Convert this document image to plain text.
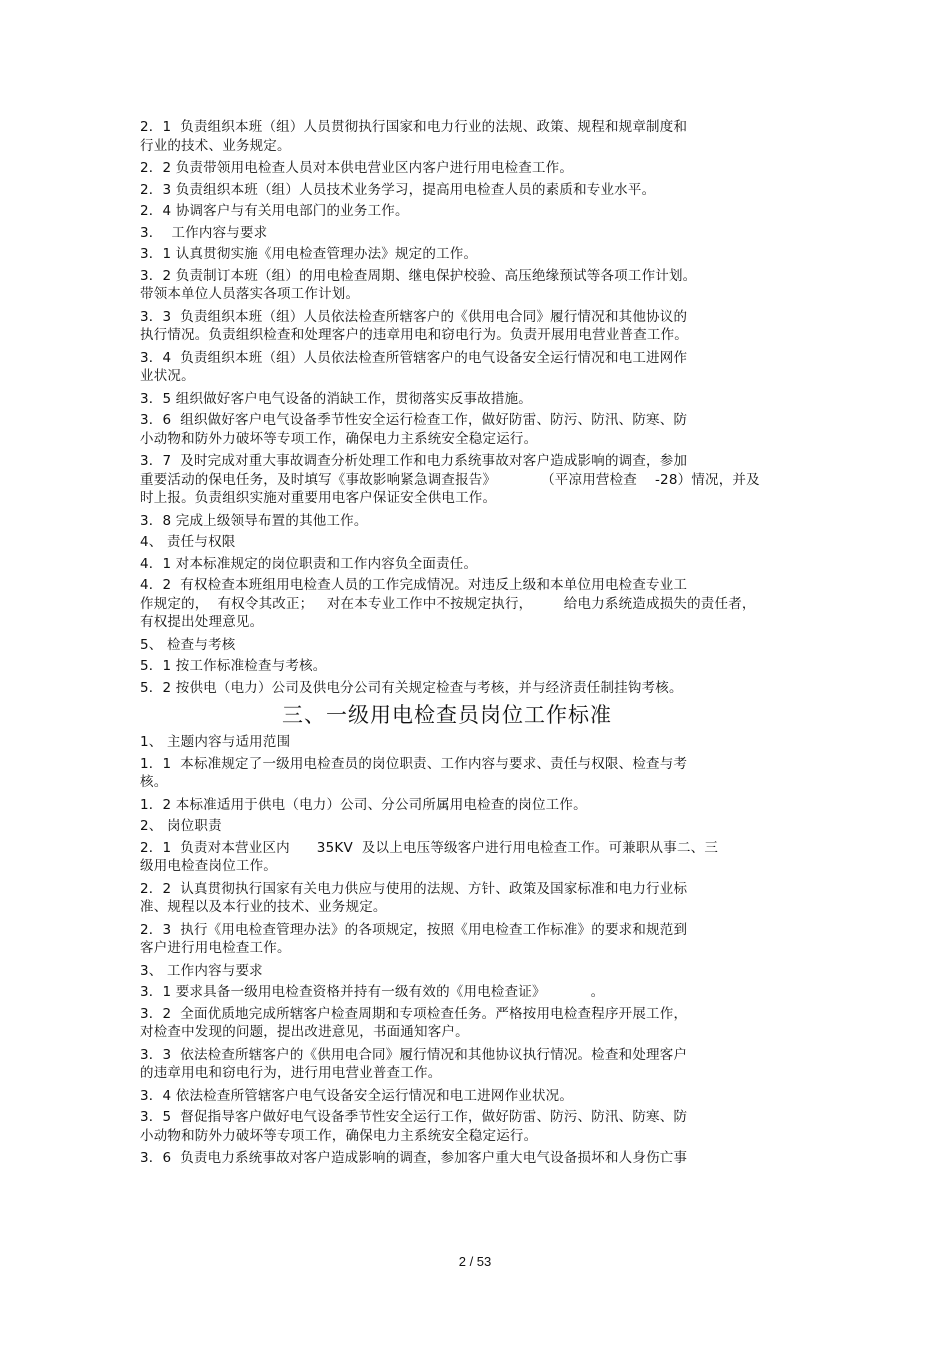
2．1  负责组织本班（组）人员贯彻执行国家和电力行业的法规、政策、规程和规章制度和
行业的技术、业务规定。
2．2 负责带领用电检查人员对本供电营业区内客户进行用电检查工作。
2．3 负责组织本班（组）人员技术业务学习，提高用电检查人员的素质和专业水平。
2．4 协调客户与有关用电部门的业务工作。
3．  工作内容与要求
3．1 认真贯彻实施《用电检查管理办法》规定的工作。
3．2 负责制订本班（组）的用电检查周期、继电保护校验、高压绝缘预试等各项工作计划。
带领本单位人员落实各项工作计划。
3．3  负责组织本班（组）人员依法检查所辖客户的《供用电合同》履行情况和其他协议的
执行情况。负责组织检查和处理客户的违章用电和窃电行为。负责开展用电营业普查工作。
3．4  负责组织本班（组）人员依法检查所管辖客户的电气设备安全运行情况和电工进网作
业状况。
3．5 组织做好客户电气设备的消缺工作，贯彻落实反事故措施。
3．6  组织做好客户电气设备季节性安全运行检查工作，做好防雷、防污、防汛、防寒、防
小动物和防外力破坏等专项工作，确保电力主系统安全稳定运行。
3．7  及时完成对重大事故调查分析处理工作和电力系统事故对客户造成影响的调查，参加
重要活动的保电任务，及时填写《事故影响紧急调查报告》          （平凉用营检查    -28）情况，并及
时上报。负责组织实施对重要用电客户保证安全供电工作。
3．8 完成上级领导布置的其他工作。
4、 责任与权限
4．1 对本标准规定的岗位职责和工作内容负全面责任。
4．2  有权检查本班组用电检查人员的工作完成情况。对违反上级和本单位用电检查专业工
作规定的，  有权令其改正；   对在本专业工作中不按规定执行，       给电力系统造成损失的责任者，
有权提出处理意见。
5、 检查与考核
5．1 按工作标准检查与考核。
5．2 按供电（电力）公司及供电分公司有关规定检查与考核，并与经济责任制挂钩考核。
三、一级用电检查员岗位工作标准
1、 主题内容与适用范围
1．1  本标准规定了一级用电检查员的岗位职责、工作内容与要求、责任与权限、检查与考
核。
1．2 本标准适用于供电（电力）公司、分公司所属用电检查的岗位工作。
2、 岗位职责
2．1  负责对本营业区内      35KV  及以上电压等级客户进行用电检查工作。可兼职从事二、三
级用电检查岗位工作。
2．2  认真贯彻执行国家有关电力供应与使用的法规、方针、政策及国家标准和电力行业标
准、规程以及本行业的技术、业务规定。
2．3  执行《用电检查管理办法》的各项规定，按照《用电检查工作标准》的要求和规范到
客户进行用电检查工作。
3、 工作内容与要求
3．1 要求具备一级用电检查资格并持有一级有效的《用电检查证》          。
3．2  全面优质地完成所辖客户检查周期和专项检查任务。严格按用电检查程序开展工作，
对检查中发现的问题，提出改进意见，书面通知客户。
3．3  依法检查所辖客户的《供用电合同》履行情况和其他协议执行情况。检查和处理客户
的违章用电和窃电行为，进行用电营业普查工作。
3．4 依法检查所管辖客户电气设备安全运行情况和电工进网作业状况。
3．5  督促指导客户做好电气设备季节性安全运行工作，做好防雷、防污、防汛、防寒、防
小动物和防外力破坏等专项工作，确保电力主系统安全稳定运行。
3．6  负责电力系统事故对客户造成影响的调查，参加客户重大电气设备损坏和人身伤亡事
2 / 53
